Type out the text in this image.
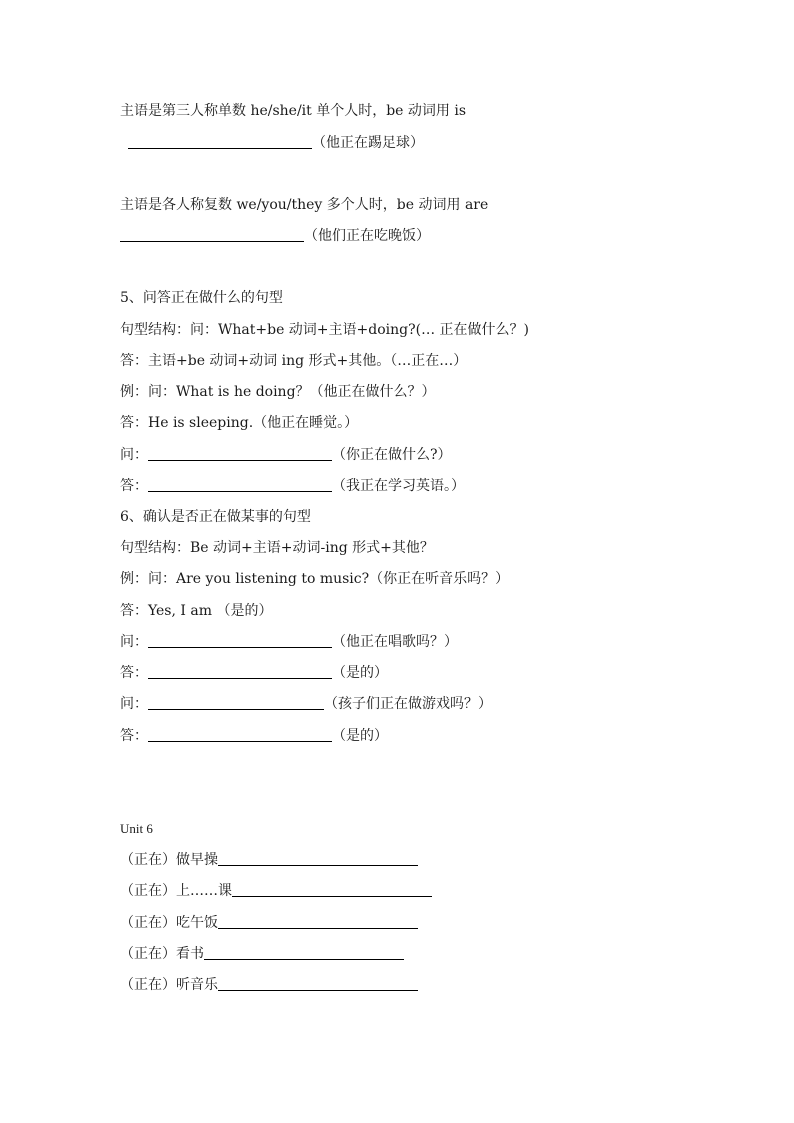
主语是第三人称单数 he/she/it 单个人时，be 动词用 is
（他正在踢足球）
主语是各人称复数 we/you/they 多个人时，be 动词用 are
（他们正在吃晚饭）
5、问答正在做什么的句型
句型结构：问：What+be 动词+主语+doing?(… 正在做什么？)
答：主语+be 动词+动词 ing 形式+其他。（…正在…）
例：问：What is he doing？（他正在做什么？）
答：He is sleeping.（他正在睡觉。）
问：	（你正在做什么?）
答：	（我正在学习英语。）
6、确认是否正在做某事的句型
句型结构：Be 动词+主语+动词-ing 形式+其他？
例：问：Are you listening to music?（你正在听音乐吗？）
答：Yes, I am （是的）
问：	（他正在唱歌吗？）
答：	（是的）
问：	（孩子们正在做游戏吗？）
答：	（是的）
Unit 6
（正在）做早操
（正在）上……课
（正在）吃午饭
（正在）看书
（正在）听音乐
